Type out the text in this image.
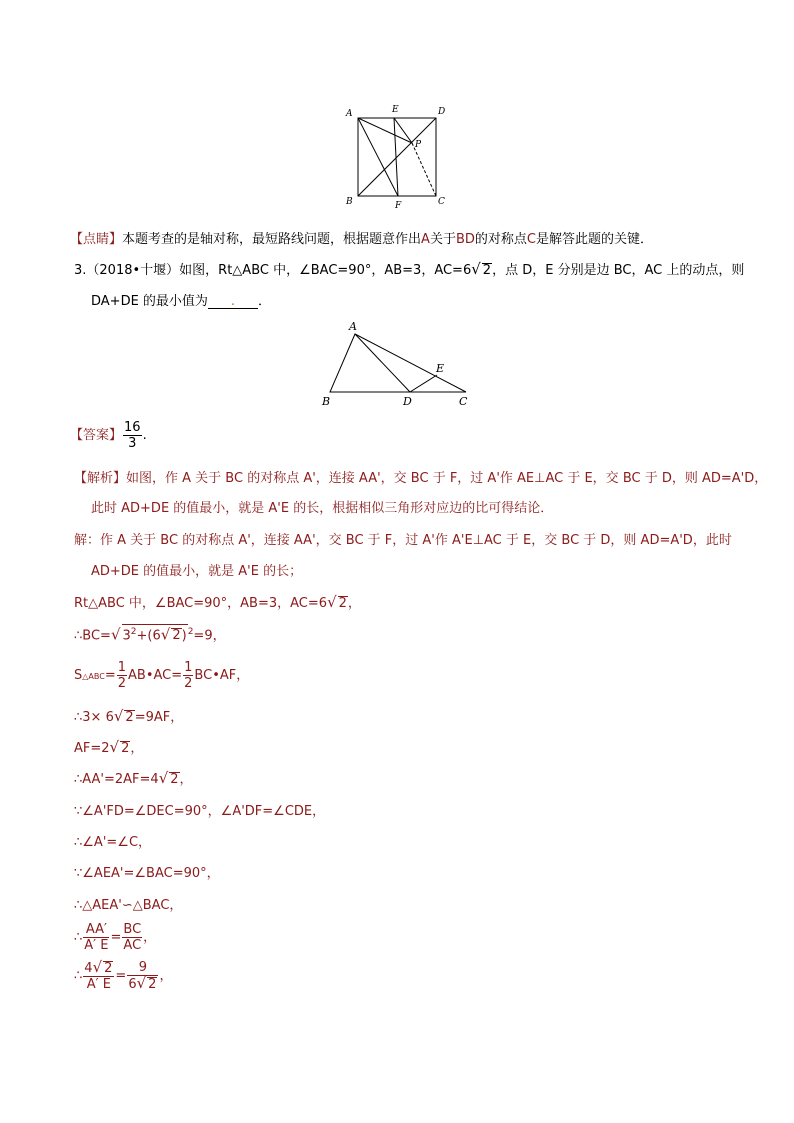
A	E	D
P
B	F	C
【点睛】本题考查的是轴对称，最短路线问题，根据题意作出A关于BD的对称点C是解答此题的关键．
3.（2018•十堰）如图，Rt△ABC 中，∠BAC=90°，AB=3，AC=6√ 2，点 D，E 分别是边 BC，AC 上的动点，则
DA+DE 的最小值为 . ．
A
B	D
E
C
【答案】 $\frac{16}{3}$ .
【解析】如图，作 A 关于 BC 的对称点 A'，连接 AA'，交 BC 于 F，过 A'作 AE⊥AC 于 E，交 BC 于 D，则 AD=A'D，
此时 AD+DE 的值最小，就是 A'E 的长，根据相似三角形对应边的比可得结论．
解：作 A 关于 BC 的对称点 A'，连接 AA'，交 BC 于 F，过 A'作 A'E⊥AC 于 E，交 BC 于 D，则 AD=A'D，此时
AD+DE 的值最小，就是 A'E 的长；
Rt△ABC 中，∠BAC=90°，AB=3，AC=6√ 2，
∴BC=√ $3^2+(6√$ 2)$^2$=9，
S△ABC= $\frac{1}{2}$ AB•AC= $\frac{1}{2}$ BC•AF，
∴3× 6√ 2=9AF，
AF=2√ 2，
∴AA'=2AF=4√ 2，
∵∠A'FD=∠DEC=90°，∠A'DF=∠CDE，
∴∠A'=∠C，
∵∠AEA'=∠BAC=90°，
∴△AEA'∽△BAC，
∴ $\frac{AA'}{A' E} = \frac{BC}{AC}$ ，
∴ $\frac{4√ 2}{A' E} = \frac{9}{6√ 2}$ ，
